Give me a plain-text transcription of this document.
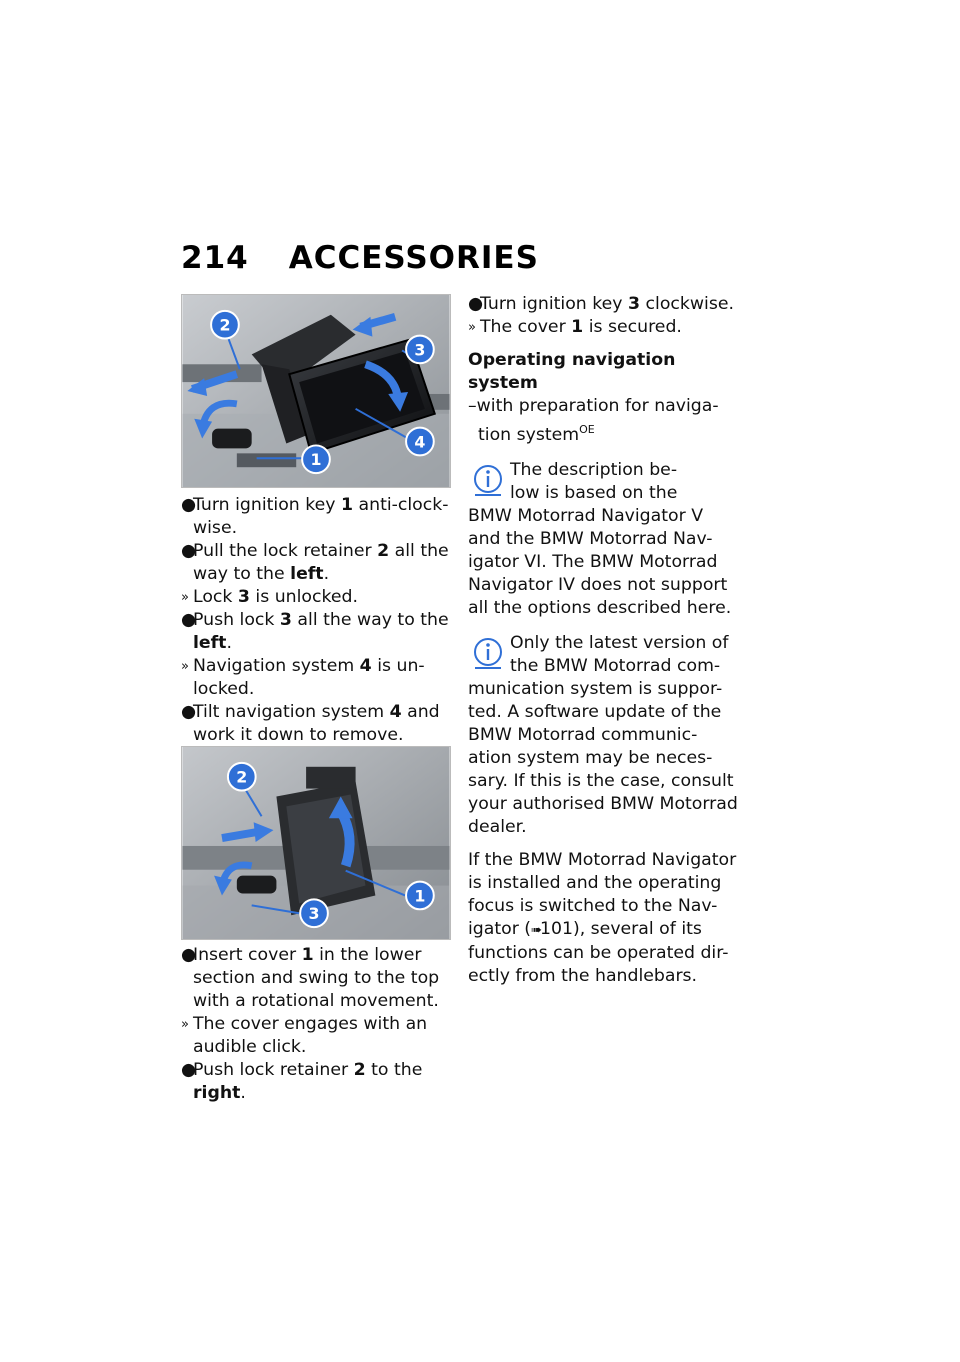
214 ACCESSORIES
2
3
4
1

●
Turn ignition key 1 anti-clock-
wise.

●
Pull the lock retainer 2 all the
way to the left.

» Lock 3 is unlocked.

●
Push lock 3 all the way to the
left.

» Navigation system 4 is un-
locked.

●
Tilt navigation system 4 and
work it down to remove.

2
1
3

●
Insert cover 1 in the lower
section and swing to the top
with a rotational movement.

» The cover engages with an
audible click.

●
Push lock retainer 2 to the
right.

●
Turn ignition key 3 clockwise.

» The cover 1 is secured.

Operating navigation system

–with preparation for naviga-
tion system$^{OE}$

The description be-
low is based on the
BMW Motorrad Navigator V
and the BMW Motorrad Nav-
igator VI. The BMW Motorrad
Navigator IV does not support
all the options described here.

Only the latest version of
the BMW Motorrad com-
munication system is suppor-
ted. A software update of the
BMW Motorrad communic-
ation system may be neces-
sary. If this is the case, consult
your authorised BMW Motorrad
dealer.

If the BMW Motorrad Navigator
is installed and the operating
focus is switched to the Nav-
igator (➠101), several of its
functions can be operated dir-
ectly from the handlebars.
